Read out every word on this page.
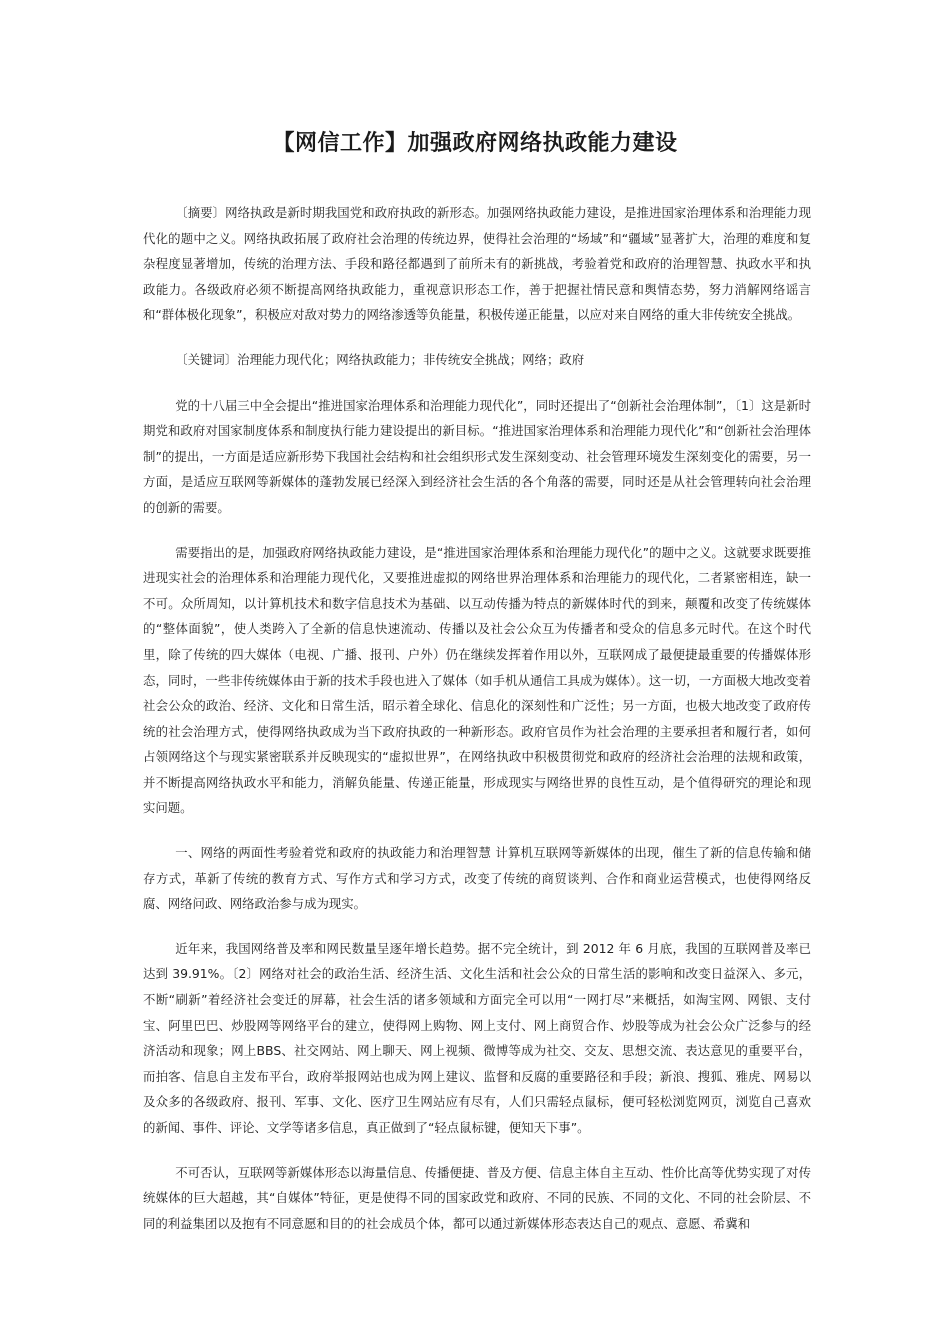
【网信工作】加强政府网络执政能力建设

〔摘要〕网络执政是新时期我国党和政府执政的新形态。加强网络执政能力建设，是推进国家治理体系和治理能力现代化的题中之义。网络执政拓展了政府社会治理的传统边界，使得社会治理的“场域”和“疆域”显著扩大，治理的难度和复杂程度显著增加，传统的治理方法、手段和路径都遇到了前所未有的新挑战，考验着党和政府的治理智慧、执政水平和执政能力。各级政府必须不断提高网络执政能力，重视意识形态工作，善于把握社情民意和舆情态势，努力消解网络谣言和“群体极化现象”，积极应对敌对势力的网络渗透等负能量，积极传递正能量，以应对来自网络的重大非传统安全挑战。

〔关键词〕治理能力现代化；网络执政能力；非传统安全挑战；网络；政府

党的十八届三中全会提出“推进国家治理体系和治理能力现代化”，同时还提出了“创新社会治理体制”，〔1〕这是新时期党和政府对国家制度体系和制度执行能力建设提出的新目标。“推进国家治理体系和治理能力现代化”和“创新社会治理体制”的提出，一方面是适应新形势下我国社会结构和社会组织形式发生深刻变动、社会管理环境发生深刻变化的需要，另一方面，是适应互联网等新媒体的蓬勃发展已经深入到经济社会生活的各个角落的需要，同时还是从社会管理转向社会治理的创新的需要。

需要指出的是，加强政府网络执政能力建设，是“推进国家治理体系和治理能力现代化”的题中之义。这就要求既要推进现实社会的治理体系和治理能力现代化，又要推进虚拟的网络世界治理体系和治理能力的现代化，二者紧密相连，缺一不可。众所周知，以计算机技术和数字信息技术为基础、以互动传播为特点的新媒体时代的到来，颠覆和改变了传统媒体的“整体面貌”，使人类跨入了全新的信息快速流动、传播以及社会公众互为传播者和受众的信息多元时代。在这个时代里，除了传统的四大媒体（电视、广播、报刊、户外）仍在继续发挥着作用以外，互联网成了最便捷最重要的传播媒体形态，同时，一些非传统媒体由于新的技术手段也进入了媒体（如手机从通信工具成为媒体）。这一切，一方面极大地改变着社会公众的政治、经济、文化和日常生活，昭示着全球化、信息化的深刻性和广泛性；另一方面，也极大地改变了政府传统的社会治理方式，使得网络执政成为当下政府执政的一种新形态。政府官员作为社会治理的主要承担者和履行者，如何占领网络这个与现实紧密联系并反映现实的“虚拟世界”，在网络执政中积极贯彻党和政府的经济社会治理的法规和政策，并不断提高网络执政水平和能力，消解负能量、传递正能量，形成现实与网络世界的良性互动，是个值得研究的理论和现实问题。

一、网络的两面性考验着党和政府的执政能力和治理智慧 计算机互联网等新媒体的出现，催生了新的信息传输和储存方式，革新了传统的教育方式、写作方式和学习方式，改变了传统的商贸谈判、合作和商业运营模式，也使得网络反腐、网络问政、网络政治参与成为现实。

近年来，我国网络普及率和网民数量呈逐年增长趋势。据不完全统计，到 2012 年 6 月底，我国的互联网普及率已达到 39.91%。〔2〕网络对社会的政治生活、经济生活、文化生活和社会公众的日常生活的影响和改变日益深入、多元，不断“刷新”着经济社会变迁的屏幕，社会生活的诸多领域和方面完全可以用“一网打尽”来概括，如淘宝网、网银、支付宝、阿里巴巴、炒股网等网络平台的建立，使得网上购物、网上支付、网上商贸合作、炒股等成为社会公众广泛参与的经济活动和现象；网上BBS、社交网站、网上聊天、网上视频、微博等成为社交、交友、思想交流、表达意见的重要平台，而拍客、信息自主发布平台，政府举报网站也成为网上建议、监督和反腐的重要路径和手段；新浪、搜狐、雅虎、网易以及众多的各级政府、报刊、军事、文化、医疗卫生网站应有尽有，人们只需轻点鼠标，便可轻松浏览网页，浏览自己喜欢的新闻、事件、评论、文学等诸多信息，真正做到了“轻点鼠标键，便知天下事”。

不可否认，互联网等新媒体形态以海量信息、传播便捷、普及方便、信息主体自主互动、性价比高等优势实现了对传统媒体的巨大超越，其“自媒体”特征，更是使得不同的国家政党和政府、不同的民族、不同的文化、不同的社会阶层、不同的利益集团以及抱有不同意愿和目的的社会成员个体，都可以通过新媒体形态表达自己的观点、意愿、希冀和
